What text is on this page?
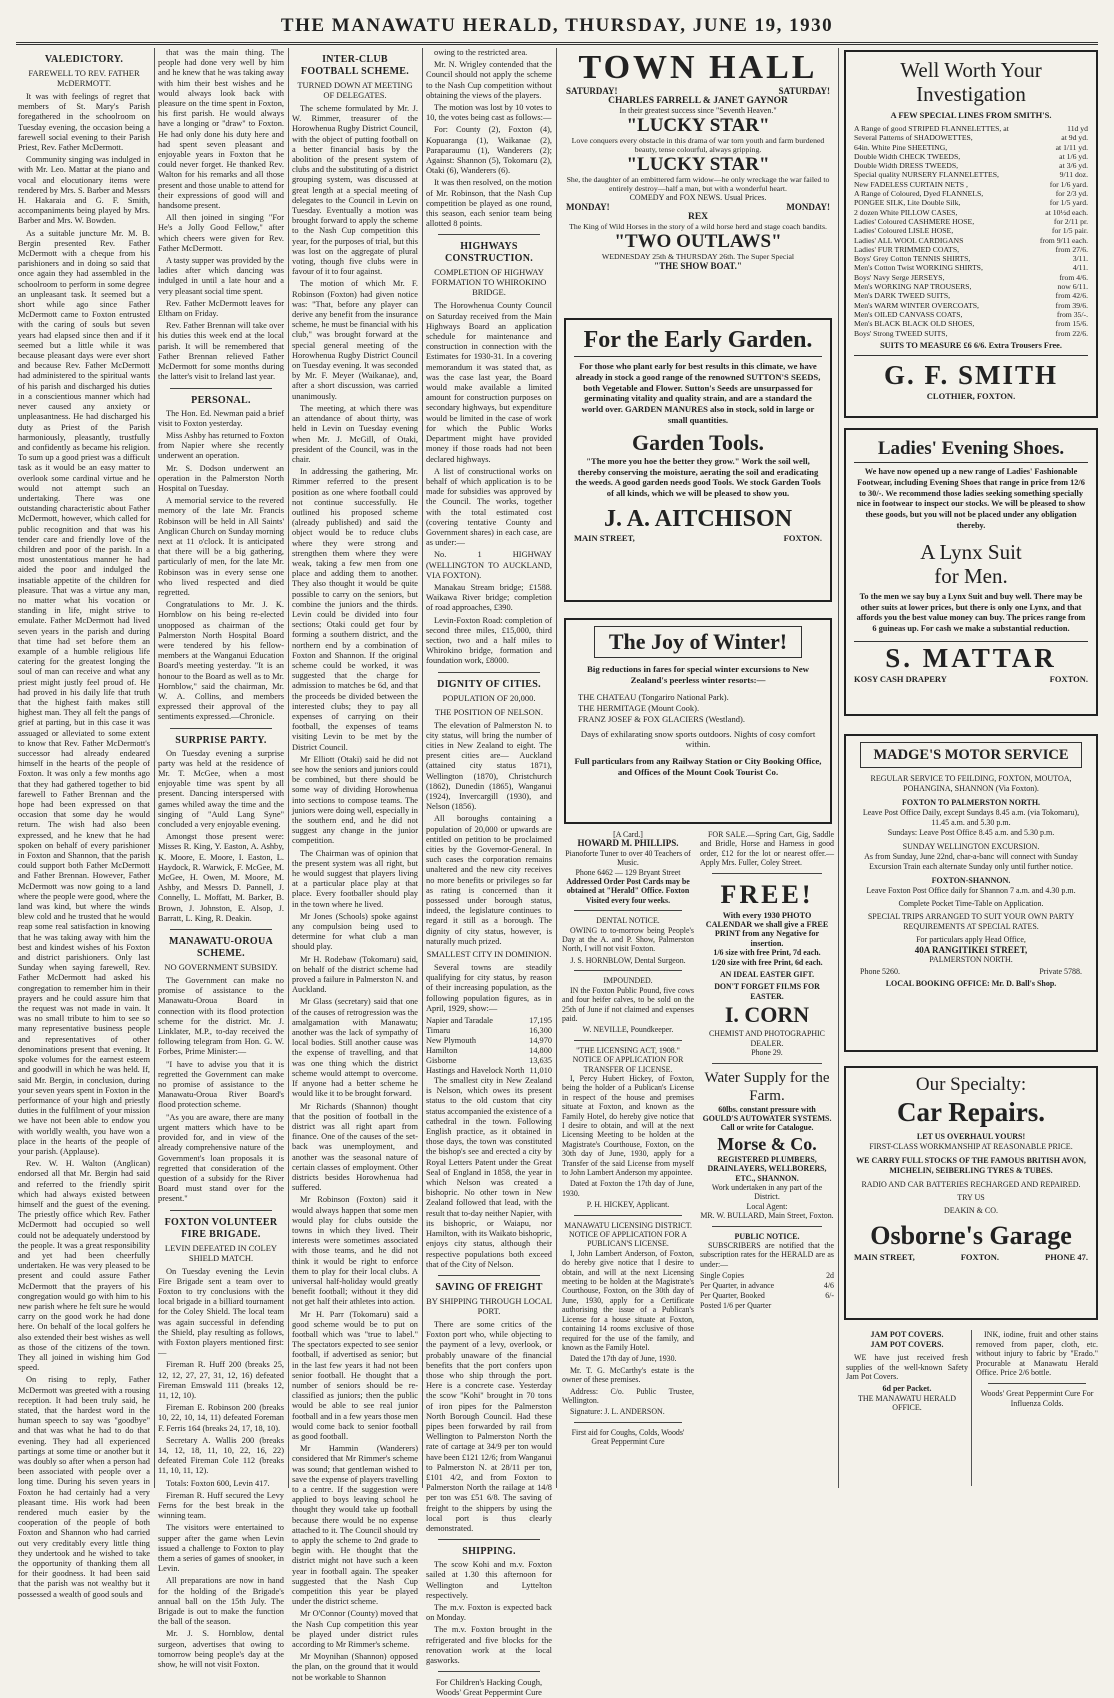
THE MANAWATU HERALD, THURSDAY, JUNE 19, 1930
VALEDICTORY.
FAREWELL TO REV. FATHER McDERMOTT.

It was with feelings of regret that members of St. Mary's Parish foregathered in the schoolroom on Tuesday evening, the occasion being a farewell social evening to their Parish Priest, Rev. Father McDermott.

Community singing was indulged in with Mr. Leo. Mattar at the piano and vocal and elocutionary items were rendered by Mrs. S. Barber and Messrs H. Hakaraia and G. F. Smith, accompaniments being played by Mrs. Barber and Mrs. W. Bowden.

As a suitable juncture Mr. M. B. Bergin presented Rev. Father McDermott with a cheque from his parishioners and in doing so said that once again they had assembled in the schoolroom to perform in some degree an unpleasant task. It seemed but a short while ago since Father McDermott came to Foxton entrusted with the caring of souls but seven years had elapsed since then and if it seemed but a little while it was because pleasant days were ever short and because Rev. Father McDermott had administered to the spiritual wants of his parish and discharged his duties in a conscientious manner which had never caused any anxiety or unpleasantness. He had discharged his duty as Priest of the Parish harmoniously, pleasantly, trustfully and confidently as became his religion. To sum up a good priest was a difficult task as it would be an easy matter to overlook some cardinal virtue and he would not attempt such an undertaking. There was one outstanding characteristic about Father McDermott, however, which called for public recognition and that was his tender care and friendly love of the children and poor of the parish. In a most unostentatious manner he had aided the poor and indulged the insatiable appetite of the children for pleasure. That was a virtue any man, no matter what his vocation or standing in life, might strive to emulate. Father McDermott had lived seven years in the parish and during that time had set before them an example of a humble religious life catering for the greatest longing the soul of man can receive and what any priest might justly feel proud of. He had proved in his daily life that truth that the highest faith makes still highest man. They all felt the pangs of grief at parting, but in this case it was assuaged or alleviated to some extent to know that Rev. Father McDermott's successor had already endeared himself in the hearts of the people of Foxton. It was only a few months ago that they had gathered together to bid farewell to Father Brennan and the hope had been expressed on that occasion that some day he would return. The wish had also been expressed, and he knew that he had spoken on behalf of every parishioner in Foxton and Shannon, that the parish could support both Father McDermott and Father Brennan. However, Father McDermott was now going to a land where the people were good, where the land was kind, but where the winds blew cold and he trusted that he would reap some real satisfaction in knowing that he was taking away with him the best and kindest wishes of his Foxton and district parishioners. Only last Sunday when saying farewell, Rev. Father McDermott had asked his congregation to remember him in their prayers and he could assure him that the request was not made in vain. It was no small tribute to him to see so many representative business people and representatives of other denominations present that evening. It spoke volumes for the earnest esteem and goodwill in which he was held. If, said Mr. Bergin, in conclusion, during your seven years spent in Foxton in the performance of your high and priestly duties in the fulfilment of your mission we have not been able to endow you with worldly wealth, you have won a place in the hearts of the people of your parish. (Applause).

Rev. W. H. Walton (Anglican) endorsed all that Mr. Bergin had said and referred to the friendly spirit which had always existed between himself and the guest of the evening. The priestly office which Rev. Father McDermott had occupied so well could not be adequately understood by the people. It was a great responsibility and yet had been cheerfully undertaken. He was very pleased to be present and could assure Father McDermott that the prayers of his congregation would go with him to his new parish where he felt sure he would carry on the good work he had done here. On behalf of the local golfers he also extended their best wishes as well as those of the citizens of the town. They all joined in wishing him God speed.

On rising to reply, Father McDermott was greeted with a rousing reception. It had been truly said, he stated, that the hardest word in the human speech to say was "goodbye" and that was what he had to do that evening. They had all experienced partings at some time or another but it was doubly so after when a person had been associated with people over a long time. During his seven years in Foxton he had certainly had a very pleasant time. His work had been rendered much easier by the cooperation of the people of both Foxton and Shannon who had carried out very creditably every little thing they undertook and he wished to take the opportunity of thanking them all for their goodness. It had been said that the parish was not wealthy but it possessed a wealth of good souls and

that was the main thing. The people had done very well by him and he knew that he was taking away with him their best wishes and he would always look back with pleasure on the time spent in Foxton, his first parish. He would always have a longing or "draw" to Foxton. He had only done his duty here and had spent seven pleasant and enjoyable years in Foxton that he could never forget. He thanked Rev. Walton for his remarks and all those present and those unable to attend for their expressions of good will and handsome present.

All then joined in singing "For He's a Jolly Good Fellow," after which cheers were given for Rev. Father McDermott.

A tasty supper was provided by the ladies after which dancing was indulged in until a late hour and a very pleasant social time spent.

Rev. Father McDermott leaves for Eltham on Friday.

Rev. Father Brennan will take over his duties this week end at the local parish. It will be remembered that Father Brennan relieved Father McDermott for some months during the latter's visit to Ireland last year.

PERSONAL.

The Hon. Ed. Newman paid a brief visit to Foxton yesterday.

Miss Ashby has returned to Foxton from Napier where she recently underwent an operation.

Mr. S. Dodson underwent an operation in the Palmerston North Hospital on Tuesday.

A memorial service to the revered memory of the late Mr. Francis Robinson will be held in All Saints' Anglican Church on Sunday morning next at 11 o'clock. It is anticipated that there will be a big gathering, particularly of men, for the late Mr. Robinson was in every sense one who lived respected and died regretted.

Congratulations to Mr. J. K. Hornblow on his being re-elected unopposed as chairman of the Palmerston North Hospital Board were tendered by his fellow-members at the Wanganui Education Board's meeting yesterday. "It is an honour to the Board as well as to Mr. Hornblow," said the chairman, Mr. W. A. Collins, and members expressed their approval of the sentiments expressed.—Chronicle.

SURPRISE PARTY.

On Tuesday evening a surprise party was held at the residence of Mr. T. McGee, when a most enjoyable time was spent by all present. Dancing interspersed with games whiled away the time and the singing of "Auld Lang Syne" concluded a very enjoyable evening.

Amongst those present were: Misses R. King, Y. Easton, A. Ashby, K. Moore, E. Moore, I. Easton, L. Haydock, R. Warwick, F. McGee, M. McGee, H. Owen, M. Moore, M. Ashby, and Messrs D. Pannell, J. Connelly, L. Moffatt, M. Barker, B. Brown, J. Johnston, E. Alsop, J. Barratt, L. King, R. Deakin.

MANAWATU-OROUA SCHEME.
NO GOVERNMENT SUBSIDY.

The Government can make no promise of assistance to the Manawatu-Oroua Board in connection with its flood protection scheme for the district. Mr. J. Linklater, M.P., to-day received the following telegram from Hon. G. W. Forbes, Prime Minister:—

"I have to advise you that it is regretted the Government can make no promise of assistance to the Manawatu-Oroua River Board's flood protection scheme.

"As you are aware, there are many urgent matters which have to be provided for, and in view of the already comprehensive nature of the Government's loan proposals it is regretted that consideration of the question of a subsidy for the River Board must stand over for the present."

FOXTON VOLUNTEER FIRE BRIGADE.
LEVIN DEFEATED IN COLEY SHIELD MATCH.

On Tuesday evening the Levin Fire Brigade sent a team over to Foxton to try conclusions with the local brigade in a billiard tournament for the Coley Shield. The local team was again successful in defending the Shield, play resulting as follows, with Foxton players mentioned first:—

Fireman R. Huff 200 (breaks 25, 12, 12, 27, 27, 31, 12, 16) defeated Fireman Emswald 111 (breaks 12, 11, 12, 10).

Fireman E. Robinson 200 (breaks 10, 22, 10, 14, 11) defeated Foreman F. Ferris 164 (breaks 24, 17, 18, 10).

Secretary A. Wallis 200 (breaks 14, 12, 18, 11, 10, 22, 16, 22) defeated Fireman Cole 112 (breaks 11, 10, 11, 12).

Totals: Foxton 600, Levin 417.

Fireman R. Huff secured the Levy Ferns for the best break in the winning team.

The visitors were entertained to supper after the game when Levin issued a challenge to Foxton to play them a series of games of snooker, in Levin.

All preparations are now in hand for the holding of the Brigade's annual ball on the 15th July. The Brigade is out to make the function the ball of the season.

Mr. J. S. Hornblow, dental surgeon, advertises that owing to tomorrow being people's day at the show, he will not visit Foxton.

INTER-CLUB FOOTBALL SCHEME.
TURNED DOWN AT MEETING OF DELEGATES.

The scheme formulated by Mr. J. W. Rimmer, treasurer of the Horowhenua Rugby District Council, with the object of putting football on a better financial basis by the abolition of the present system of clubs and the substituting of a district grouping system, was discussed at great length at a special meeting of delegates to the Council in Levin on Tuesday. Eventually a motion was brought forward to apply the scheme to the Nash Cup competition this year, for the purposes of trial, but this was lost on the aggregate of plural voting, though five clubs were in favour of it to four against.

The motion of which Mr. F. Robinson (Foxton) had given notice was: "That, before any player can derive any benefit from the insurance scheme, he must be financial with his club," was brought forward at the special general meeting of the Horowhenua Rugby District Council on Tuesday evening. It was seconded by Mr. F. Meyer (Waikanae), and, after a short discussion, was carried unanimously.

The meeting, at which there was an attendance of about thirty, was held in Levin on Tuesday evening when Mr. J. McGill, of Otaki, president of the Council, was in the chair.

In addressing the gathering, Mr. Rimmer referred to the present position as one where football could not continue successfully. He outlined his proposed scheme (already published) and said the object would be to reduce clubs where they were strong and strengthen them where they were weak, taking a few men from one place and adding them to another. They also thought it would be quite possible to carry on the seniors, but combine the juniors and the thirds. Levin could be divided into four sections; Otaki could get four by forming a southern district, and the northern end by a combination of Foxton and Shannon. If the original scheme could be worked, it was suggested that the charge for admission to matches be 6d, and that the proceeds be divided between the interested clubs; they to pay all expenses of carrying on their football, the expenses of teams visiting Levin to be met by the District Council.

Mr Elliott (Otaki) said he did not see how the seniors and juniors could be combined, but there should be some way of dividing Horowhenua into sections to compose teams. The juniors were doing well, especially in the southern end, and he did not suggest any change in the junior competition.

The Chairman was of opinion that the present system was all right, but he would suggest that players living at a particular place play at that place. Every footballer should play in the town where he lived.

Mr Jones (Schools) spoke against any compulsion being used to determine for what club a man should play.

Mr H. Rodebaw (Tokomaru) said, on behalf of the district scheme had proved a failure in Palmerston N. and Auckland.

Mr Glass (secretary) said that one of the causes of retrogression was the amalgamation with Manawatu; another was the lack of sympathy of local bodies. Still another cause was the expense of travelling, and that was one thing which the district scheme would attempt to overcome. If anyone had a better scheme he would like it to be brought forward.

Mr Richards (Shannon) thought that the position of football in the district was all right apart from finance. One of the causes of the set-back was unemployment, and another was the seasonal nature of certain classes of employment. Other districts besides Horowhenua had suffered.

Mr Robinson (Foxton) said it would always happen that some men would play for clubs outside the towns in which they lived. Their interests were sometimes associated with those teams, and he did not think it would be right to enforce them to play for their local clubs. A universal half-holiday would greatly benefit football; without it they did not get half their athletes into action.

Mr H. Parr (Tokomaru) said a good scheme would be to put on football which was "true to label." The spectators expected to see senior football, if advertised as senior; but in the last few years it had not been senior football. He thought that a number of seniors should be re-classified as juniors; then the public would be able to see real junior football and in a few years those men would come back to senior football as good football.

Mr Hammin (Wanderers) considered that Mr Rimmer's scheme was sound; that gentleman wished to save the expense of players travelling to a centre. If the suggestion were applied to boys leaving school he thought they would take up football because there would be no expense attached to it. The Council should try to apply the scheme to 2nd grade to begin with. He thought that the district might not have such a keen year in football again. The speaker suggested that the Nash Cup competition this year be played under the district scheme.

Mr O'Connor (County) moved that the Nash Cup competition this year be played under district rules according to Mr Rimmer's scheme.

Mr Moynihan (Shannon) opposed the plan, on the ground that it would not be workable to Shannon

owing to the restricted area.

Mr. N. Wrigley contended that the Council should not apply the scheme to the Nash Cup competition without obtaining the views of the players.

The motion was lost by 10 votes to 10, the votes being cast as follows:—

For: County (2), Foxton (4), Kopuaranga (1), Waikanae (2), Paraparaumu (1), Wanderers (2); Against: Shannon (5), Tokomaru (2), Otaki (6), Wanderers (6).

It was then resolved, on the motion of Mr. Robinson, that the Nash Cup competition be played as one round, this season, each senior team being allotted 8 points.

HIGHWAYS CONSTRUCTION.
COMPLETION OF HIGHWAY FORMATION TO WHIROKINO BRIDGE.

The Horowhenua County Council on Saturday received from the Main Highways Board an application schedule for maintenance and construction in connection with the Estimates for 1930-31. In a covering memorandum it was stated that, as was the case last year, the Board would make available a limited amount for construction purposes on secondary highways, but expenditure would be limited in the case of work for which the Public Works Department might have provided money if those roads had not been declared highways.

A list of constructional works on behalf of which application is to be made for subsidies was approved by the Council. The works, together with the total estimated cost (covering tentative County and Government shares) in each case, are as under:—

No. 1 HIGHWAY (WELLINGTON TO AUCKLAND, VIA FOXTON).

Manakau Stream bridge; £1588. Waikawa River bridge; completion of road approaches, £390.

Levin-Foxton Road: completion of second three miles, £15,000, third section, two and a half miles to Whirokino bridge, formation and foundation work, £8000.

DIGNITY OF CITIES.
POPULATION OF 20,000.
THE POSITION OF NELSON.

The elevation of Palmerston N. to city status, will bring the number of cities in New Zealand to eight. The present cities are— Auckland (attained city status 1871), Wellington (1870), Christchurch (1862), Dunedin (1865), Wanganui (1924), Invercargill (1930), and Nelson (1856).

All boroughs containing a population of 20,000 or upwards are entitled on petition to be proclaimed cities by the Governor-General. In such cases the corporation remains unaltered and the new city receives no more benefits or privileges so far as rating is concerned than it possessed under borough status, indeed, the legislature continues to regard it still as a borough. The dignity of city status, however, is naturally much prized.

SMALLEST CITY IN DOMINION.

Several towns are steadily qualifying for city status, by reason of their increasing population, as the following population figures, as in April, 1929, show:—

Napier and Taradale	17,195
Timaru	16,300
New Plymouth	14,970
Hamilton	14,800
Gisborne	13,635
Hastings and Havelock North	11,010

The smallest city in New Zealand is Nelson, which owes its present status to the old custom that city status accompanied the existence of a cathedral in the town. Following English practice, as it obtained in those days, the town was constituted the bishop's see and erected a city by Royal Letters Patent under the Great Seal of England in 1858, the year in which Nelson was created a bishopric. No other town in New Zealand followed that lead, with the result that to-day neither Napier, with its bishopric, or Waiapu, nor Hamilton, with its Waikato bishopric, enjoys city status, although their respective populations both exceed that of the City of Nelson.

SAVING OF FREIGHT
BY SHIPPING THROUGH LOCAL PORT.

There are some critics of the Foxton port who, while objecting to the payment of a levy, overlook, or probably unaware of the financial benefits that the port confers upon those who ship through the port. Here is a concrete case. Yesterday the scow "Kohi" brought in 70 tons of iron pipes for the Palmerston North Borough Council. Had these pipes been forwarded by rail from Wellington to Palmerston North the rate of cartage at 34/9 per ton would have been £121 12/6; from Wanganui to Palmerston N. at 28/11 per ton, £101 4/2, and from Foxton to Palmerston North the railage at 14/8 per ton was £51 6/8. The saving of freight to the shippers by using the local port is thus clearly demonstrated.

SHIPPING.

The scow Kohi and m.v. Foxton sailed at 1.30 this afternoon for Wellington and Lyttelton respectively.

The m.v. Foxton is expected back on Monday.

The m.v. Foxton brought in the refrigerated and five blocks for the renovation work at the local gasworks.

For Children's Hacking Cough, Woods' Great Peppermint Cure
TOWN HALL
SATURDAY!	SATURDAY!
CHARLES FARRELL & JANET GAYNOR
In their greatest success since "Seventh Heaven."
"LUCKY STAR"
Love conquers every obstacle in this drama of war torn youth and farm burdened beauty, tense colourful, always gripping.
"LUCKY STAR"
She, the daughter of an embittered farm widow—he only wreckage the war failed to entirely destroy—half a man, but with a wonderful heart.
COMEDY and FOX NEWS. Usual Prices.
MONDAY!	MONDAY!
REX
The King of Wild Horses in the story of a wild horse herd and stage coach bandits.
"TWO OUTLAWS"
WEDNESDAY 25th & THURSDAY 26th. The Super Special
"THE SHOW BOAT."
For the Early Garden.
For those who plant early for best results in this climate, we have already in stock a good range of the renowned SUTTON'S SEEDS, both Vegetable and Flower. Sutton's Seeds are unsurpassed for germinating vitality and quality strain, and are a standard the world over. GARDEN MANURES also in stock, sold in large or small quantities.
Garden Tools.
"The more you hoe the better they grow." Work the soil well, thereby conserving the moisture, aerating the soil and eradicating the weeds. A good garden needs good Tools. We stock Garden Tools of all kinds, which we will be pleased to show you.
J. A. AITCHISON
MAIN STREET,	FOXTON.
The Joy of Winter!
Big reductions in fares for special winter excursions to New Zealand's peerless winter resorts:—
THE CHATEAU (Tongariro National Park).
THE HERMITAGE (Mount Cook).
FRANZ JOSEF & FOX GLACIERS (Westland).
Days of exhilarating snow sports outdoors. Nights of cosy comfort within.
Full particulars from any Railway Station or City Booking Office, and Offices of the Mount Cook Tourist Co.
[A Card.]
HOWARD M. PHILLIPS.
Pianoforte Tuner to over 40 Teachers of Music.
Phone 6462 — 129 Bryant Street
Addressed Order Post Cards may be obtained at "Herald" Office. Foxton Visited every four weeks.
DENTAL NOTICE.

OWING to to-morrow being People's Day at the A. and P. Show, Palmerston North, I will not visit Foxton.

J. S. HORNBLOW, Dental Surgeon.
IMPOUNDED.

IN the Foxton Public Pound, five cows and four heifer calves, to be sold on the 25th of June if not claimed and expenses paid.

W. NEVILLE, Poundkeeper.
"THE LICENSING ACT, 1908."
NOTICE OF APPLICATION FOR TRANSFER OF LICENSE.

I, Percy Hubert Hickey, of Foxton, being the holder of a Publican's License in respect of the house and premises situate at Foxton, and known as the Family Hotel, do hereby give notice that I desire to obtain, and will at the next Licensing Meeting to be holden at the Magistrate's Courthouse, Foxton, on the 30th day of June, 1930, apply for a Transfer of the said License from myself to John Lambert Anderson my appointee.

Dated at Foxton the 17th day of June, 1930.

P. H. HICKEY, Applicant.
MANAWATU LICENSING DISTRICT.
NOTICE OF APPLICATION FOR A PUBLICAN'S LICENSE.

I, John Lambert Anderson, of Foxton, do hereby give notice that I desire to obtain, and will at the next Licensing meeting to be holden at the Magistrate's Courthouse, Foxton, on the 30th day of June, 1930, apply for a Certificate authorising the issue of a Publican's License for a house situate at Foxton, containing 14 rooms exclusive of those required for the use of the family, and known as the Family Hotel.

Dated the 17th day of June, 1930.

Mr. T. G. McCarthy's estate is the owner of these premises.

Address: C/o. Public Trustee, Wellington.

Signature: J. L. ANDERSON.

First aid for Coughs, Colds, Woods' Great Peppermint Cure

FOR SALE.—Spring Cart, Gig, Saddle and Bridle, Horse and Harness in good order, £12 for the lot or nearest offer.—Apply Mrs. Fuller, Coley Street.

FREE!
With every 1930 PHOTO CALENDAR we shall give a FREE PRINT from any Negative for insertion.
1/6 size with free Print, 7d each.
1/20 size with free Print, 6d each.
AN IDEAL EASTER GIFT.
DON'T FORGET FILMS FOR EASTER.
I. CORN
CHEMIST AND PHOTOGRAPHIC DEALER.
Phone 29.
Water Supply for the Farm.
60lbs. constant pressure with GOULD'S AUTOWATER SYSTEMS.
Call or write for Catalogue.
Morse & Co.
REGISTERED PLUMBERS, DRAINLAYERS, WELLBORERS, ETC., SHANNON.
Work undertaken in any part of the District.
Local Agent:
MR. W. BULLARD, Main Street, Foxton.
PUBLIC NOTICE.

SUBSCRIBERS are notified that the subscription rates for the HERALD are as under:—

Single Copies	2d
Per Quarter, in advance	4/6
Per Quarter, Booked	6/-
Posted 1/6 per Quarter	
Well Worth Your
Investigation
A FEW SPECIAL LINES FROM SMITH'S.
A Range of good STRIPED FLANNELETTES, at	11d yd
Several Patterns of SHADOWETTES,	at 9d yd.
64in. White Pine SHEETING,	at 1/11 yd.
Double Width CHECK TWEEDS,	at 1/6 yd.
Double Width DRESS TWEEDS,	at 3/6 yd.
Special quality NURSERY FLANNELETTES,	9/11 doz.
New FADELESS CURTAIN NETS ,	for 1/6 yard.
A Range of Coloured, Dyed FLANNELS,	for 2/3 yd.
PONGEE SILK, Lite Double Silk,	for 1/5 yard.
2 dozen White PILLOW CASES,	at 10½d each.
Ladies' Coloured CASHMERE HOSE,	for 2/11 pr.
Ladies' Coloured LISLE HOSE,	for 1/5 pair.
Ladies' ALL WOOL CARDIGANS	from 9/11 each.
Ladies' FUR TRIMMED COATS,	from 27/6.
Boys' Grey Cotton TENNIS SHIRTS,	3/11.
Men's Cotton Twist WORKING SHIRTS,	4/11.
Boys' Navy Serge JERSEYS,	from 4/6.
Men's WORKING NAP TROUSERS,	now 6/11.
Men's DARK TWEED SUITS,	from 42/6.
Men's WARM WINTER OVERCOATS,	from 39/6.
Men's OILED CANVASS COATS,	from 35/-.
Men's BLACK BLACK OLD SHOES,	from 15/6.
Boys' Strong TWEED SUITS,	from 22/6.
SUITS TO MEASURE £6 6/6. Extra Trousers Free.
G. F. SMITH
CLOTHIER, FOXTON.
Ladies' Evening Shoes.
We have now opened up a new range of Ladies' Fashionable Footwear, including Evening Shoes that range in price from 12/6 to 30/-. We recommend those ladies seeking something specially nice in footwear to inspect our stocks. We will be pleased to show these goods, but you will not be placed under any obligation thereby.
A Lynx Suit
for Men.
To the men we say buy a Lynx Suit and buy well. There may be other suits at lower prices, but there is only one Lynx, and that affords you the best value money can buy. The prices range from 6 guineas up. For cash we make a substantial reduction.
S. MATTAR
KOSY CASH DRAPERY	FOXTON.
MADGE'S MOTOR SERVICE
REGULAR SERVICE TO FEILDING, FOXTON, MOUTOA, POHANGINA, SHANNON (Via Foxton).
FOXTON TO PALMERSTON NORTH.
Leave Post Office Daily, except Sundays 8.45 a.m. (via Tokomaru), 11.45 a.m. and 5.30 p.m.
Sundays: Leave Post Office 8.45 a.m. and 5.30 p.m.
SUNDAY WELLINGTON EXCURSION.
As from Sunday, June 22nd, char-a-banc will connect with Sunday Excursion Train each alternate Sunday only until further notice.
FOXTON-SHANNON.
Leave Foxton Post Office daily for Shannon 7 a.m. and 4.30 p.m.
Complete Pocket Time-Table on Application.
SPECIAL TRIPS ARRANGED TO SUIT YOUR OWN PARTY REQUIREMENTS AT SPECIAL RATES.
For particulars apply Head Office,
40A RANGITIKEI STREET,
PALMERSTON NORTH.
Phone 5260.	Private 5788.
LOCAL BOOKING OFFICE: Mr. D. Ball's Shop.
Our Specialty:
Car Repairs.
LET US OVERHAUL YOURS!
FIRST-CLASS WORKMANSHIP AT REASONABLE PRICE.
WE CARRY FULL STOCKS OF THE FAMOUS BRITISH AVON, MICHELIN, SEIBERLING TYRES & TUBES.
RADIO AND CAR BATTERIES RECHARGED AND REPAIRED.
TRY US
DEAKIN & CO.
Osborne's Garage
MAIN STREET,	FOXTON.	PHONE 47.
JAM POT COVERS.
JAM POT COVERS.

WE have just received fresh supplies of the well-known Safety Jam Pot Covers.

6d per Packet.
THE MANAWATU HERALD OFFICE.

INK, iodine, fruit and other stains removed from paper, cloth, etc. without injury to fabric by "Erado." Procurable at Manawatu Herald Office. Price 2/6 bottle.

Woods' Great Peppermint Cure For Influenza Colds.
